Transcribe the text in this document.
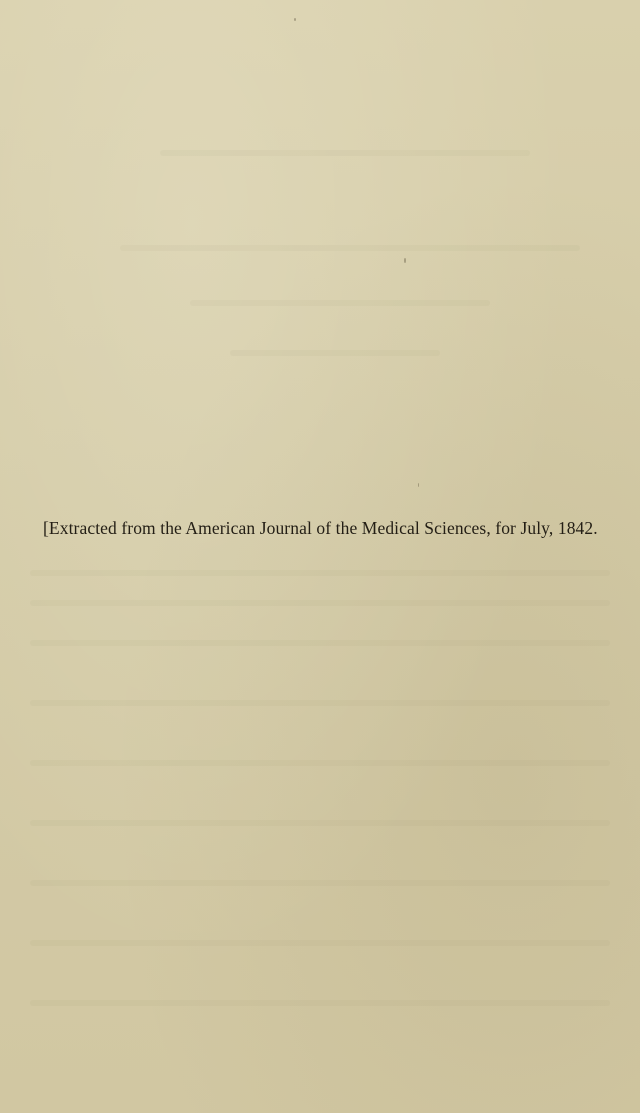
[Extracted from the American Journal of the Medical Sciences, for July, 1842.
